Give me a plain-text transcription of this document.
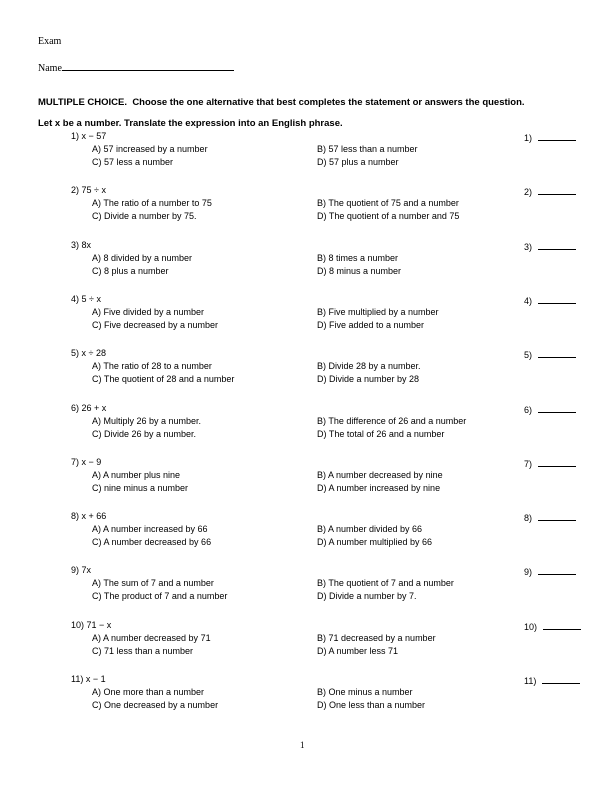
Exam
Name
MULTIPLE CHOICE. Choose the one alternative that best completes the statement or answers the question.
Let x be a number. Translate the expression into an English phrase.
1) x − 57
A) 57 increased by a number	B) 57 less than a number
C) 57 less a number	D) 57 plus a number
1)
2) 75 ÷ x
A) The ratio of a number to 75	B) The quotient of 75 and a number
C) Divide a number by 75.	D) The quotient of a number and 75
2)
3) 8x
A) 8 divided by a number	B) 8 times a number
C) 8 plus a number	D) 8 minus a number
3)
4) 5 ÷ x
A) Five divided by a number	B) Five multiplied by a number
C) Five decreased by a number	D) Five added to a number
4)
5) x ÷ 28
A) The ratio of 28 to a number	B) Divide 28 by a number.
C) The quotient of 28 and a number	D) Divide a number by 28
5)
6) 26 + x
A) Multiply 26 by a number.	B) The difference of 26 and a number
C) Divide 26 by a number.	D) The total of 26 and a number
6)
7) x − 9
A) A number plus nine	B) A number decreased by nine
C) nine minus a number	D) A number increased by nine
7)
8) x + 66
A) A number increased by 66	B) A number divided by 66
C) A number decreased by 66	D) A number multiplied by 66
8)
9) 7x
A) The sum of 7 and a number	B) The quotient of 7 and a number
C) The product of 7 and a number	D) Divide a number by 7.
9)
10) 71 − x
A) A number decreased by 71	B) 71 decreased by a number
C) 71 less than a number	D) A number less 71
10)
11) x − 1
A) One more than a number	B) One minus a number
C) One decreased by a number	D) One less than a number
11)
1
